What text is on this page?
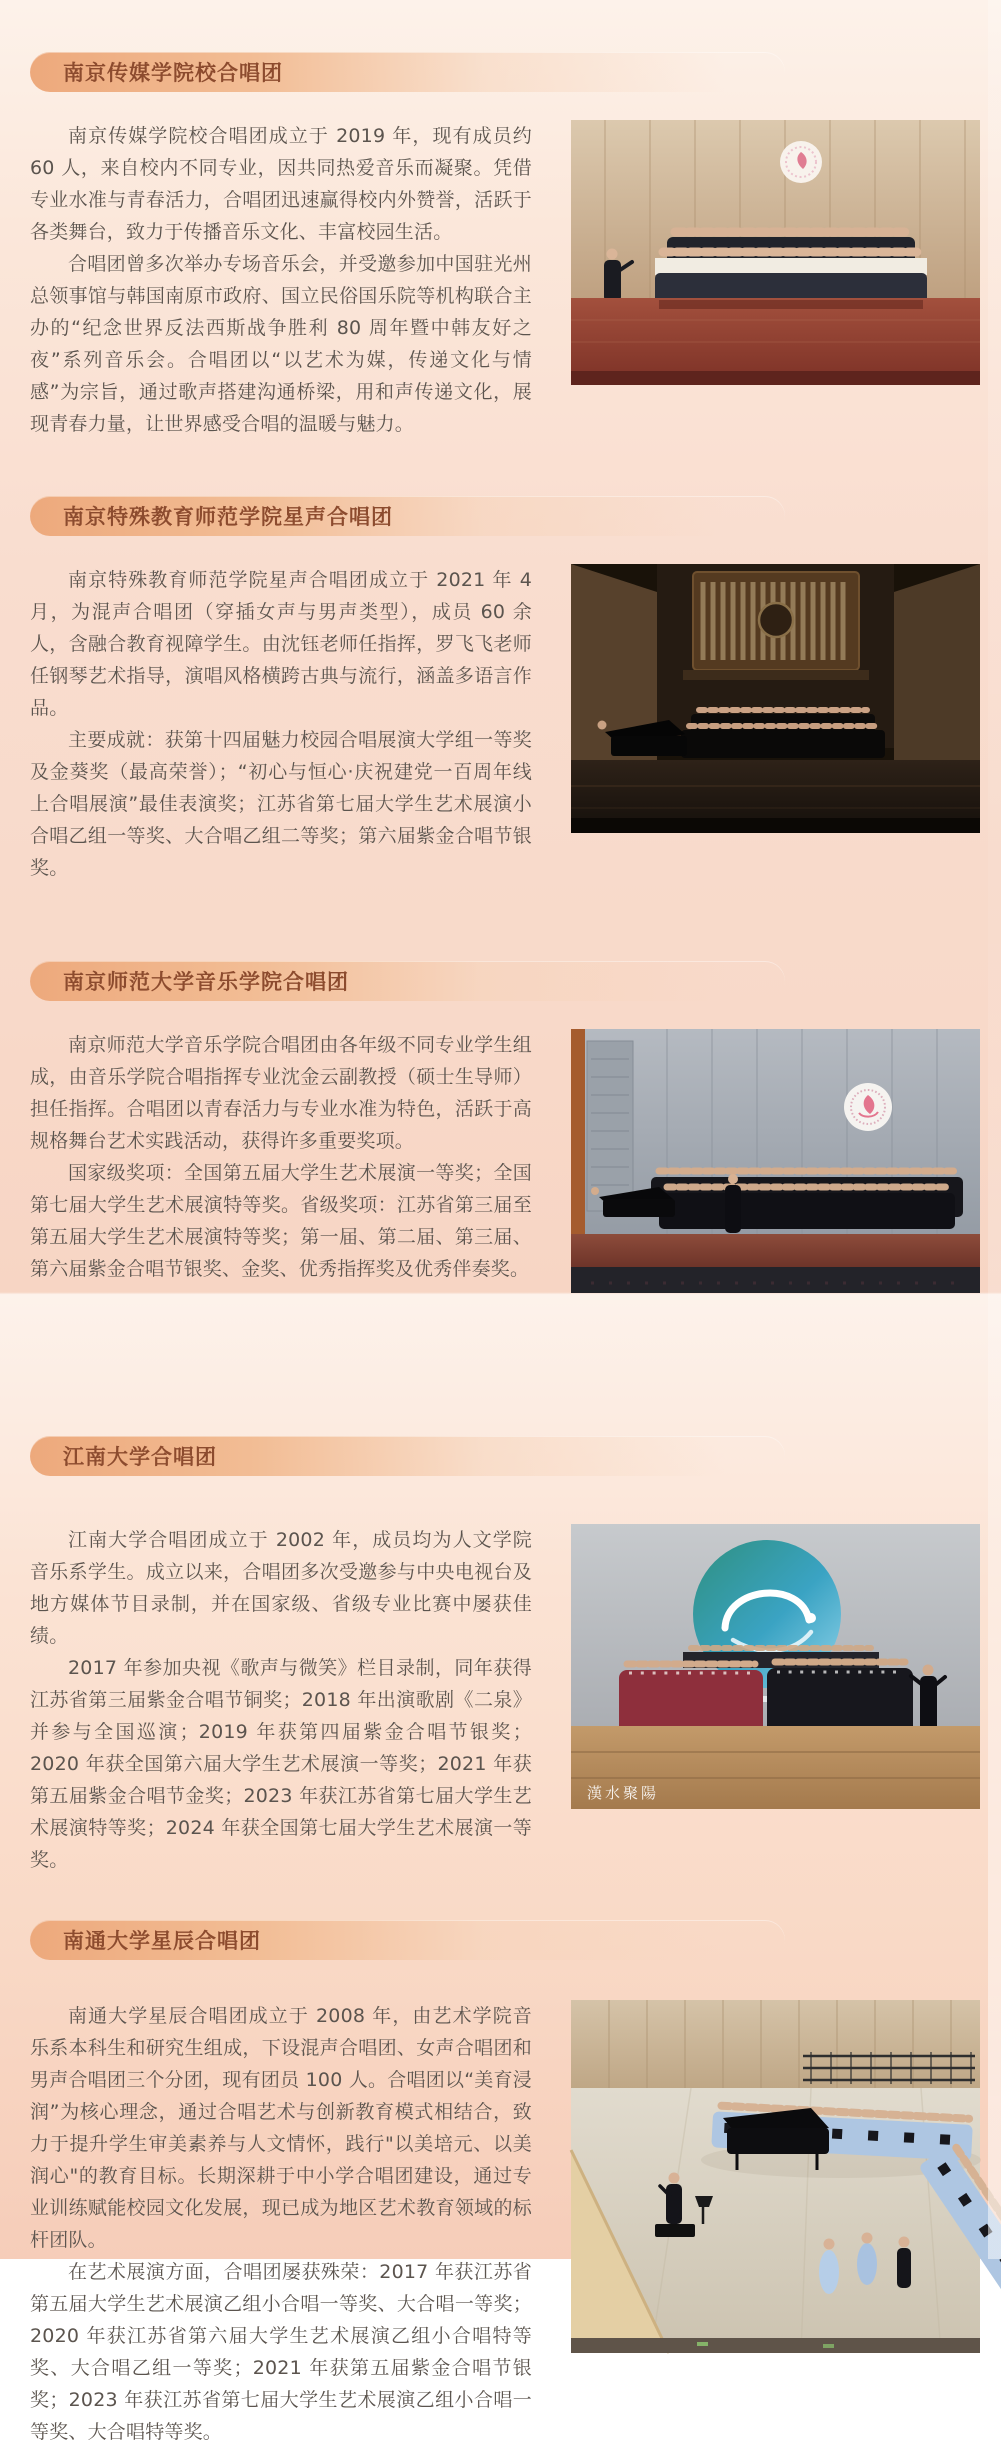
南京传媒学院校合唱团

南京传媒学院校合唱团成立于 2019 年，现有成员约 60 人，来自校内不同专业，因共同热爱音乐而凝聚。凭借专业水准与青春活力，合唱团迅速赢得校内外赞誉，活跃于各类舞台，致力于传播音乐文化、丰富校园生活。

合唱团曾多次举办专场音乐会，并受邀参加中国驻光州总领事馆与韩国南原市政府、国立民俗国乐院等机构联合主办的“纪念世界反法西斯战争胜利 80 周年暨中韩友好之夜”系列音乐会。合唱团以“以艺术为媒，传递文化与情感”为宗旨，通过歌声搭建沟通桥梁，用和声传递文化，展现青春力量，让世界感受合唱的温暖与魅力。

南京特殊教育师范学院星声合唱团

南京特殊教育师范学院星声合唱团成立于 2021 年 4 月，为混声合唱团（穿插女声与男声类型），成员 60 余人，含融合教育视障学生。由沈钰老师任指挥，罗飞飞老师任钢琴艺术指导，演唱风格横跨古典与流行，涵盖多语言作品。

主要成就：获第十四届魅力校园合唱展演大学组一等奖及金葵奖（最高荣誉）；“初心与恒心·庆祝建党一百周年线上合唱展演”最佳表演奖；江苏省第七届大学生艺术展演小合唱乙组一等奖、大合唱乙组二等奖；第六届紫金合唱节银奖。

南京师范大学音乐学院合唱团

南京师范大学音乐学院合唱团由各年级不同专业学生组成，由音乐学院合唱指挥专业沈金云副教授（硕士生导师）担任指挥。合唱团以青春活力与专业水准为特色，活跃于高规格舞台艺术实践活动，获得许多重要奖项。

国家级奖项：全国第五届大学生艺术展演一等奖；全国第七届大学生艺术展演特等奖。省级奖项：江苏省第三届至第五届大学生艺术展演特等奖；第一届、第二届、第三届、第六届紫金合唱节银奖、金奖、优秀指挥奖及优秀伴奏奖。

江南大学合唱团

江南大学合唱团成立于 2002 年，成员均为人文学院音乐系学生。成立以来，合唱团多次受邀参与中央电视台及地方媒体节目录制，并在国家级、省级专业比赛中屡获佳绩。

2017 年参加央视《歌声与微笑》栏目录制，同年获得江苏省第三届紫金合唱节铜奖；2018 年出演歌剧《二泉》并参与全国巡演；2019 年获第四届紫金合唱节银奖；2020 年获全国第六届大学生艺术展演一等奖；2021 年获第五届紫金合唱节金奖；2023 年获江苏省第七届大学生艺术展演特等奖；2024 年获全国第七届大学生艺术展演一等奖。

漢水聚陽
南通大学星辰合唱团

南通大学星辰合唱团成立于 2008 年，由艺术学院音乐系本科生和研究生组成，下设混声合唱团、女声合唱团和男声合唱团三个分团，现有团员 100 人。合唱团以“美育浸润”为核心理念，通过合唱艺术与创新教育模式相结合，致力于提升学生审美素养与人文情怀，践行"以美培元、以美润心"的教育目标。长期深耕于中小学合唱团建设，通过专业训练赋能校园文化发展，现已成为地区艺术教育领域的标杆团队。

在艺术展演方面，合唱团屡获殊荣：2017 年获江苏省第五届大学生艺术展演乙组小合唱一等奖、大合唱一等奖；2020 年获江苏省第六届大学生艺术展演乙组小合唱特等奖、大合唱乙组一等奖；2021 年获第五届紫金合唱节银奖；2023 年获江苏省第七届大学生艺术展演乙组小合唱一等奖、大合唱特等奖。
